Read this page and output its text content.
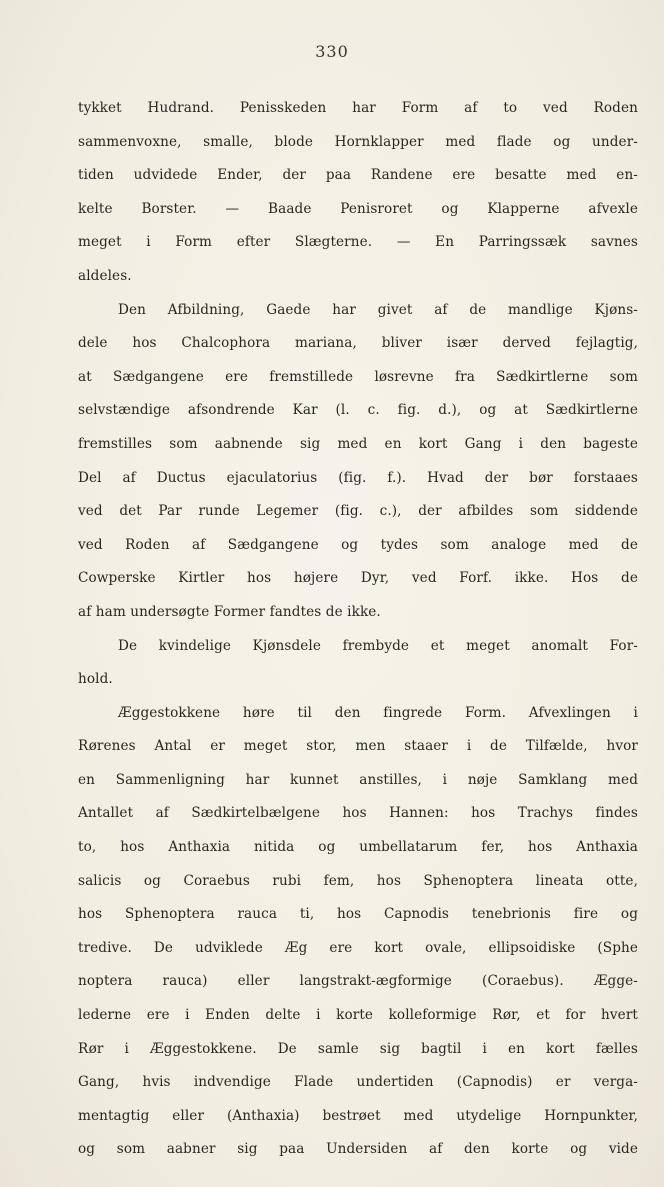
330
tykket Hudrand. Penisskeden har Form af to ved Roden
sammenvoxne, smalle, blode Hornklapper med flade og under-
tiden udvidede Ender, der paa Randene ere besatte med en-
kelte Borster. — Baade Penisroret og Klapperne afvexle
meget i Form efter Slægterne. — En Parringssæk savnes
aldeles.
Den Afbildning, Gaede har givet af de mandlige Kjøns-
dele hos Chalcophora mariana, bliver især derved fejlagtig,
at Sædgangene ere fremstillede løsrevne fra Sædkirtlerne som
selvstændige afsondrende Kar (l. c. fig. d.), og at Sædkirtlerne
fremstilles som aabnende sig med en kort Gang i den bageste
Del af Ductus ejaculatorius (fig. f.). Hvad der bør forstaaes
ved det Par runde Legemer (fig. c.), der afbildes som siddende
ved Roden af Sædgangene og tydes som analoge med de
Cowperske Kirtler hos højere Dyr, ved Forf. ikke. Hos de
af ham undersøgte Former fandtes de ikke.
De kvindelige Kjønsdele frembyde et meget anomalt For-
hold.
Æggestokkene høre til den fingrede Form. Afvexlingen i
Rørenes Antal er meget stor, men staaer i de Tilfælde, hvor
en Sammenligning har kunnet anstilles, i nøje Samklang med
Antallet af Sædkirtelbælgene hos Hannen: hos Trachys findes
to, hos Anthaxia nitida og umbellatarum fer, hos Anthaxia
salicis og Coraebus rubi fem, hos Sphenoptera lineata otte,
hos Sphenoptera rauca ti, hos Capnodis tenebrionis fire og
tredive. De udviklede Æg ere kort ovale, ellipsoidiske (Sphe
noptera rauca) eller langstrakt-ægformige (Coraebus). Ægge-
lederne ere i Enden delte i korte kolleformige Rør, et for hvert
Rør i Æggestokkene. De samle sig bagtil i en kort fælles
Gang, hvis indvendige Flade undertiden (Capnodis) er verga-
mentagtig eller (Anthaxia) bestrøet med utydelige Hornpunkter,
og som aabner sig paa Undersiden af den korte og vide
